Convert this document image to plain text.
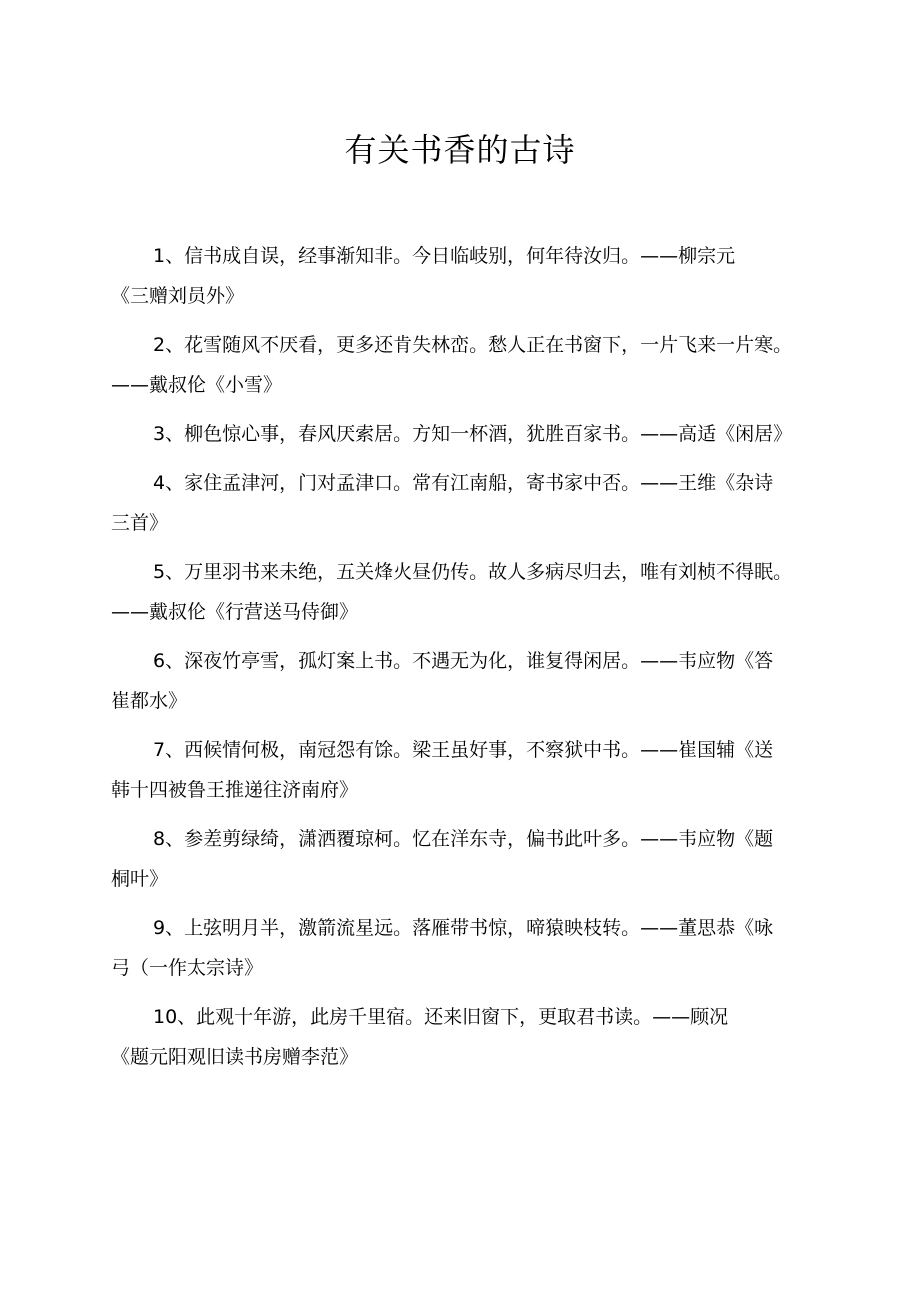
有关书香的古诗
1、信书成自误，经事渐知非。今日临岐别，何年待汝归。——柳宗元
《三赠刘员外》
2、花雪随风不厌看，更多还肯失林峦。愁人正在书窗下，一片飞来一片寒。
——戴叔伦《小雪》
3、柳色惊心事，春风厌索居。方知一杯酒，犹胜百家书。——高适《闲居》
4、家住孟津河，门对孟津口。常有江南船，寄书家中否。——王维《杂诗
三首》
5、万里羽书来未绝，五关烽火昼仍传。故人多病尽归去，唯有刘桢不得眠。
——戴叔伦《行营送马侍御》
6、深夜竹亭雪，孤灯案上书。不遇无为化，谁复得闲居。——韦应物《答
崔都水》
7、西候情何极，南冠怨有馀。梁王虽好事，不察狱中书。——崔国辅《送
韩十四被鲁王推递往济南府》
8、参差剪绿绮，潇洒覆琼柯。忆在洋东寺，偏书此叶多。——韦应物《题
桐叶》
9、上弦明月半，激箭流星远。落雁带书惊，啼猿映枝转。——董思恭《咏
弓（一作太宗诗》
10、此观十年游，此房千里宿。还来旧窗下，更取君书读。——顾况
《题元阳观旧读书房赠李范》
